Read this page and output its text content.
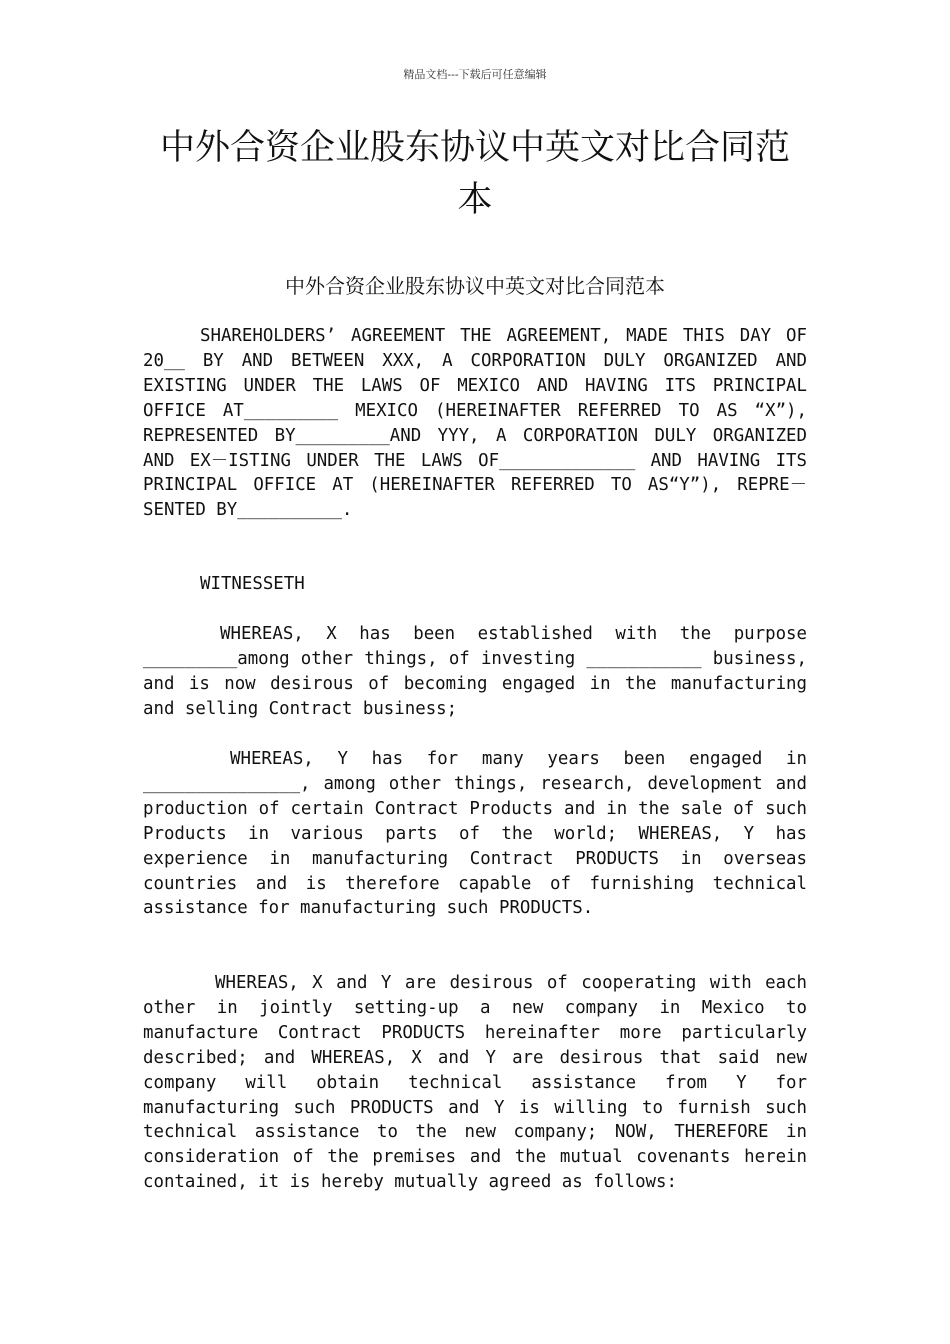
精品文档---下载后可任意编辑
中外合资企业股东协议中英文对比合同范本
中外合资企业股东协议中英文对比合同范本

SHAREHOLDERS’ AGREEMENT THE AGREEMENT, MADE THIS DAY OF 20__ BY AND BETWEEN XXX, A CORPORATION DULY ORGANIZED AND EXISTING UNDER THE LAWS OF MEXICO AND HAVING ITS PRINCIPAL OFFICE AT_________ MEXICO (HEREINAFTER REFERRED TO AS “X”), REPRESENTED BY_________AND YYY, A CORPORATION DULY ORGANIZED AND EX－ISTING UNDER THE LAWS OF_____________ AND HAVING ITS PRINCIPAL OFFICE AT (HEREINAFTER REFERRED TO AS“Y”), REPRE－SENTED BY__________.

WITNESSETH

WHEREAS, X has been established with the purpose _________among other things, of investing ___________ business, and is now desirous of becoming engaged in the manufacturing and selling Contract business;

WHEREAS, Y has for many years been engaged in _______________, among other things, research, development and production of certain Contract Products and in the sale of such Products in various parts of the world; WHEREAS, Y has experience in manufacturing Contract PRODUCTS in overseas countries and is therefore capable of furnishing technical assistance for manufacturing such PRODUCTS.

WHEREAS, X and Y are desirous of cooperating with each other in jointly setting-up a new company in Mexico to manufacture Contract PRODUCTS hereinafter more particularly described; and WHEREAS, X and Y are desirous that said new company will obtain technical assistance from Y for manufacturing such PRODUCTS and Y is willing to furnish such technical assistance to the new company; NOW, THEREFORE in consideration of the premises and the mutual covenants herein contained, it is hereby mutually agreed as follows:
